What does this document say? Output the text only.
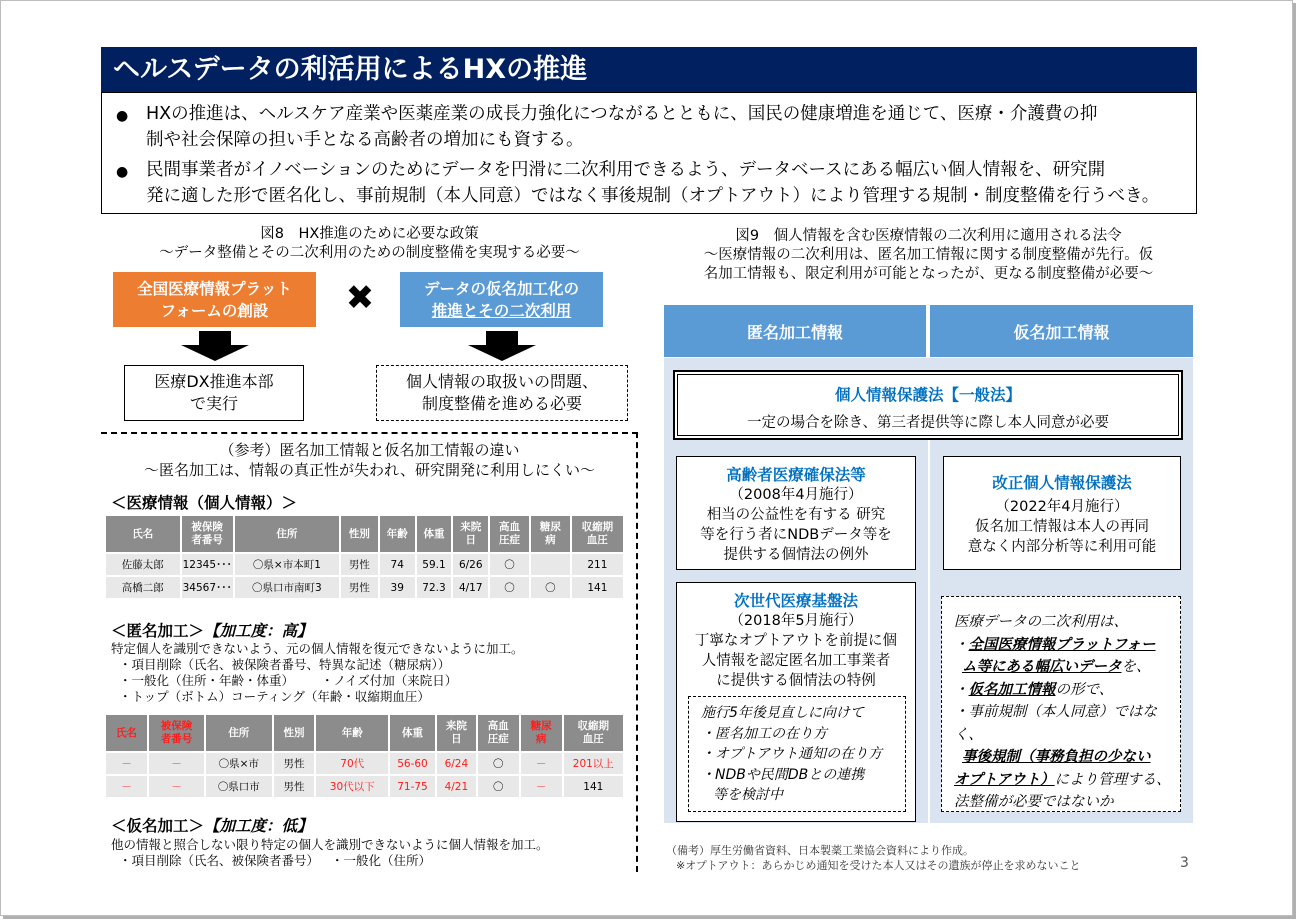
ヘルスデータの利活用によるHXの推進
● HXの推進は、ヘルスケア産業や医薬産業の成長力強化につながるとともに、国民の健康増進を通じて、医療・介護費の抑
制や社会保障の担い手となる高齢者の増加にも資する。
● 民間事業者がイノベーションのためにデータを円滑に二次利用できるよう、データベースにある幅広い個人情報を、研究開
発に適した形で匿名化し、事前規制（本人同意）ではなく事後規制（オプトアウト）により管理する規制・制度整備を行うべき。
図8　HX推進のために必要な政策
～データ整備とその二次利用のための制度整備を実現する必要～
全国医療情報プラット
フォームの創設	✖	データの仮名加工化の
推進とその二次利用
医療DX推進本部
で実行
個人情報の取扱いの問題、
制度整備を進める必要
（参考）匿名加工情報と仮名加工情報の違い
～匿名加工は、情報の真正性が失われ、研究開発に利用しにくい～
＜医療情報（個人情報）＞
氏名	被保険
者番号	住所	性別	年齢	体重	来院
日	高血
圧症	糖尿
病	収縮期
血圧
佐藤太郎	12345･･･	〇県×市本町1	男性	74	59.1	6/26	〇		211
高橋二郎	34567･･･	〇県口市南町3	男性	39	72.3	4/17	〇	〇	141
＜匿名加工＞【加工度：高】
特定個人を識別できないよう、元の個人情報を復元できないように加工。
・項目削除（氏名、被保険者番号、特異な記述（糖尿病））
・一般化（住所・年齢・体重） ・ノイズ付加（来院日）
・トップ（ボトム）コーティング（年齢・収縮期血圧）
氏名	被保険
者番号	住所	性別	年齢	体重	来院
日	高血
圧症	糖尿
病	収縮期
血圧
－	－	〇県×市	男性	70代	56-60	6/24	〇	－	201以上
－	－	〇県口市	男性	30代以下	71-75	4/21	〇	－	141
＜仮名加工＞【加工度：低】
他の情報と照合しない限り特定の個人を識別できないように個人情報を加工。
・項目削除（氏名、被保険者番号） ・一般化（住所）
図9　個人情報を含む医療情報の二次利用に適用される法令
～医療情報の二次利用は、匿名加工情報に関する制度整備が先行。仮
名加工情報も、限定利用が可能となったが、更なる制度整備が必要～
匿名加工情報	仮名加工情報
個人情報保護法【一般法】
一定の場合を除き、第三者提供等に際し本人同意が必要
高齢者医療確保法等
（2008年4月施行）
相当の公益性を有する 研究
等を行う者にNDBデータ等を
提供する個情法の例外
改正個人情報保護法
（2022年4月施行）
仮名加工情報は本人の再同
意なく内部分析等に利用可能
次世代医療基盤法
（2018年5月施行）
丁寧なオプトアウトを前提に個
人情報を認定匿名加工事業者
に提供する個情法の特例
施行5年後見直しに向けて
・匿名加工の在り方
・オプトアウト通知の在り方
・NDBや民間DBとの連携
等を検討中
医療データの二次利用は、
・全国医療情報プラットフォー
ム等にある幅広いデータを、
・仮名加工情報の形で、
・事前規制（本人同意）ではなく、
事後規制（事務負担の少ない
オプトアウト）により管理する、
法整備が必要ではないか
（備考）厚生労働省資料、日本製薬工業協会資料により作成。
※オプトアウト：あらかじめ通知を受けた本人又はその遺族が停止を求めないこと	3
